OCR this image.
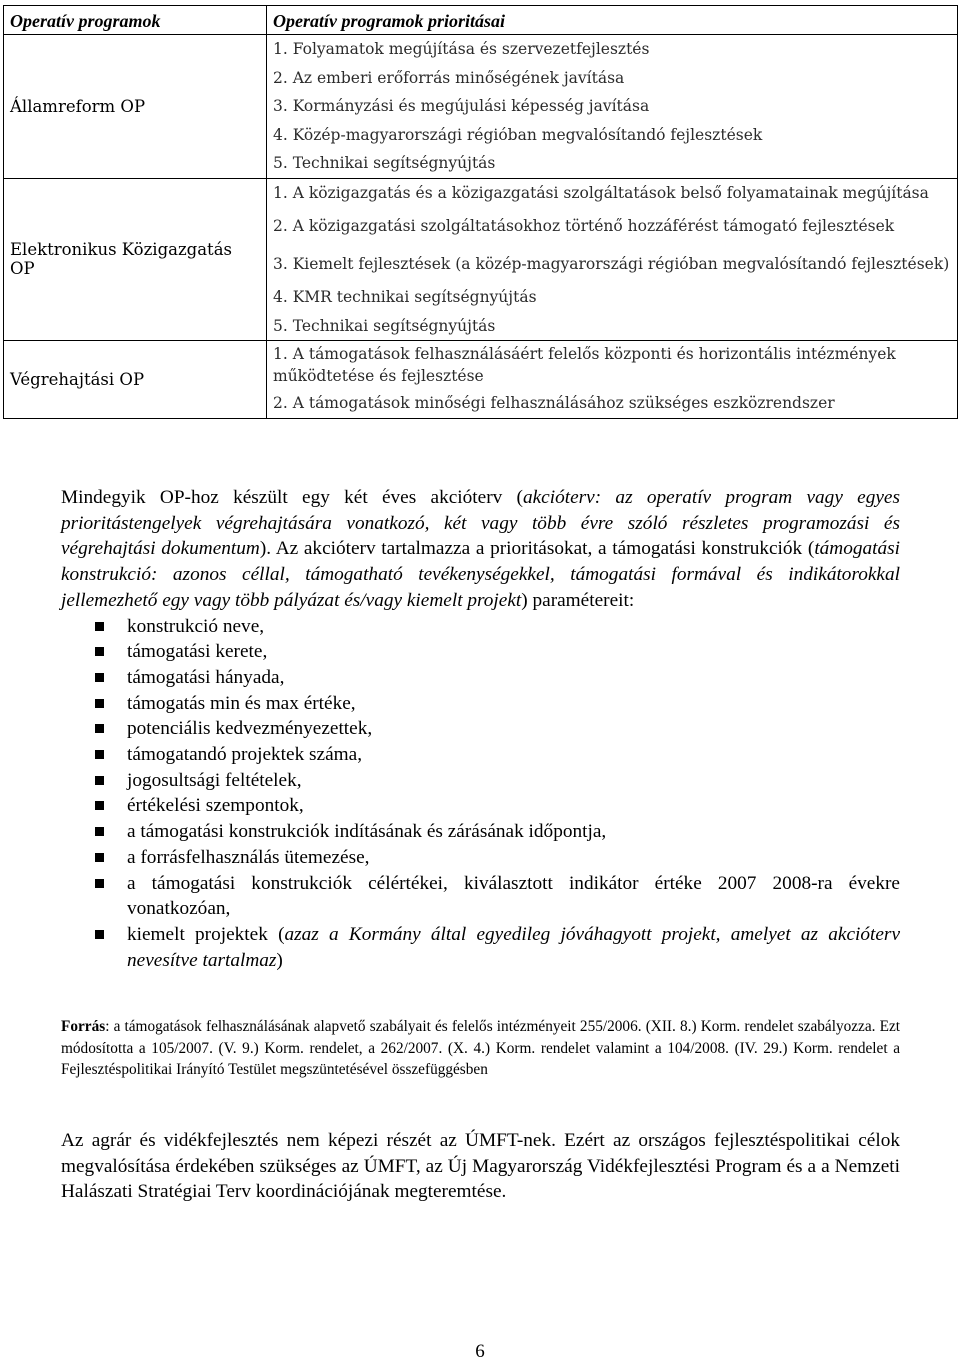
Operatív programok	Operatív programok prioritásai
Államreform OP	1. Folyamatok megújítása és szervezetfejlesztés
2. Az emberi erőforrás minőségének javítása
3. Kormányzási és megújulási képesség javítása
4. Közép-magyarországi régióban megvalósítandó fejlesztések
5. Technikai segítségnyújtás

Elektronikus Közigazgatás OP	1. A közigazgatás és a közigazgatási szolgáltatások belső folyamatainak megújítása
2. A közigazgatási szolgáltatásokhoz történő hozzáférést támogató fejlesztések
3. Kiemelt fejlesztések (a közép-magyarországi régióban megvalósítandó fejlesztések)
4. KMR technikai segítségnyújtás
5. Technikai segítségnyújtás

Végrehajtási OP	1. A támogatások felhasználásáért felelős központi és horizontális intézmények működtetése és fejlesztése
2. A támogatások minőségi felhasználásához szükséges eszközrendszer
Mindegyik OP-hoz készült egy két éves akcióterv (akcióterv: az operatív program vagy egyes prioritástengelyek végrehajtására vonatkozó, két vagy több évre szóló részletes programozási és végrehajtási dokumentum). Az akcióterv tartalmazza a prioritásokat, a támogatási konstrukciók (támogatási konstrukció: azonos céllal, támogatható tevékenységekkel, támogatási formával és indikátorokkal jellemezhető egy vagy több pályázat és/vagy kiemelt projekt) paramétereit:
konstrukció neve,
támogatási kerete,
támogatási hányada,
támogatás min és max értéke,
potenciális kedvezményezettek,
támogatandó projektek száma,
jogosultsági feltételek,
értékelési szempontok,
a támogatási konstrukciók indításának és zárásának időpontja,
a forrásfelhasználás ütemezése,
a támogatási konstrukciók célértékei, kiválasztott indikátor értéke 2007 2008-ra évekre vonatkozóan,
kiemelt projektek (azaz a Kormány által egyedileg jóváhagyott projekt, amelyet az akcióterv nevesítve tartalmaz)
Forrás: a támogatások felhasználásának alapvető szabályait és felelős intézményeit 255/2006. (XII. 8.) Korm. rendelet szabályozza. Ezt módosította a 105/2007. (V. 9.) Korm. rendelet, a 262/2007. (X. 4.) Korm. rendelet valamint a 104/2008. (IV. 29.) Korm. rendelet a Fejlesztéspolitikai Irányító Testület megszüntetésével összefüggésben
Az agrár és vidékfejlesztés nem képezi részét az ÚMFT-nek. Ezért az országos fejlesztéspolitikai célok megvalósítása érdekében szükséges az ÚMFT, az Új Magyarország Vidékfejlesztési Program és a a Nemzeti Halászati Stratégiai Terv koordinációjának megteremtése.
6
